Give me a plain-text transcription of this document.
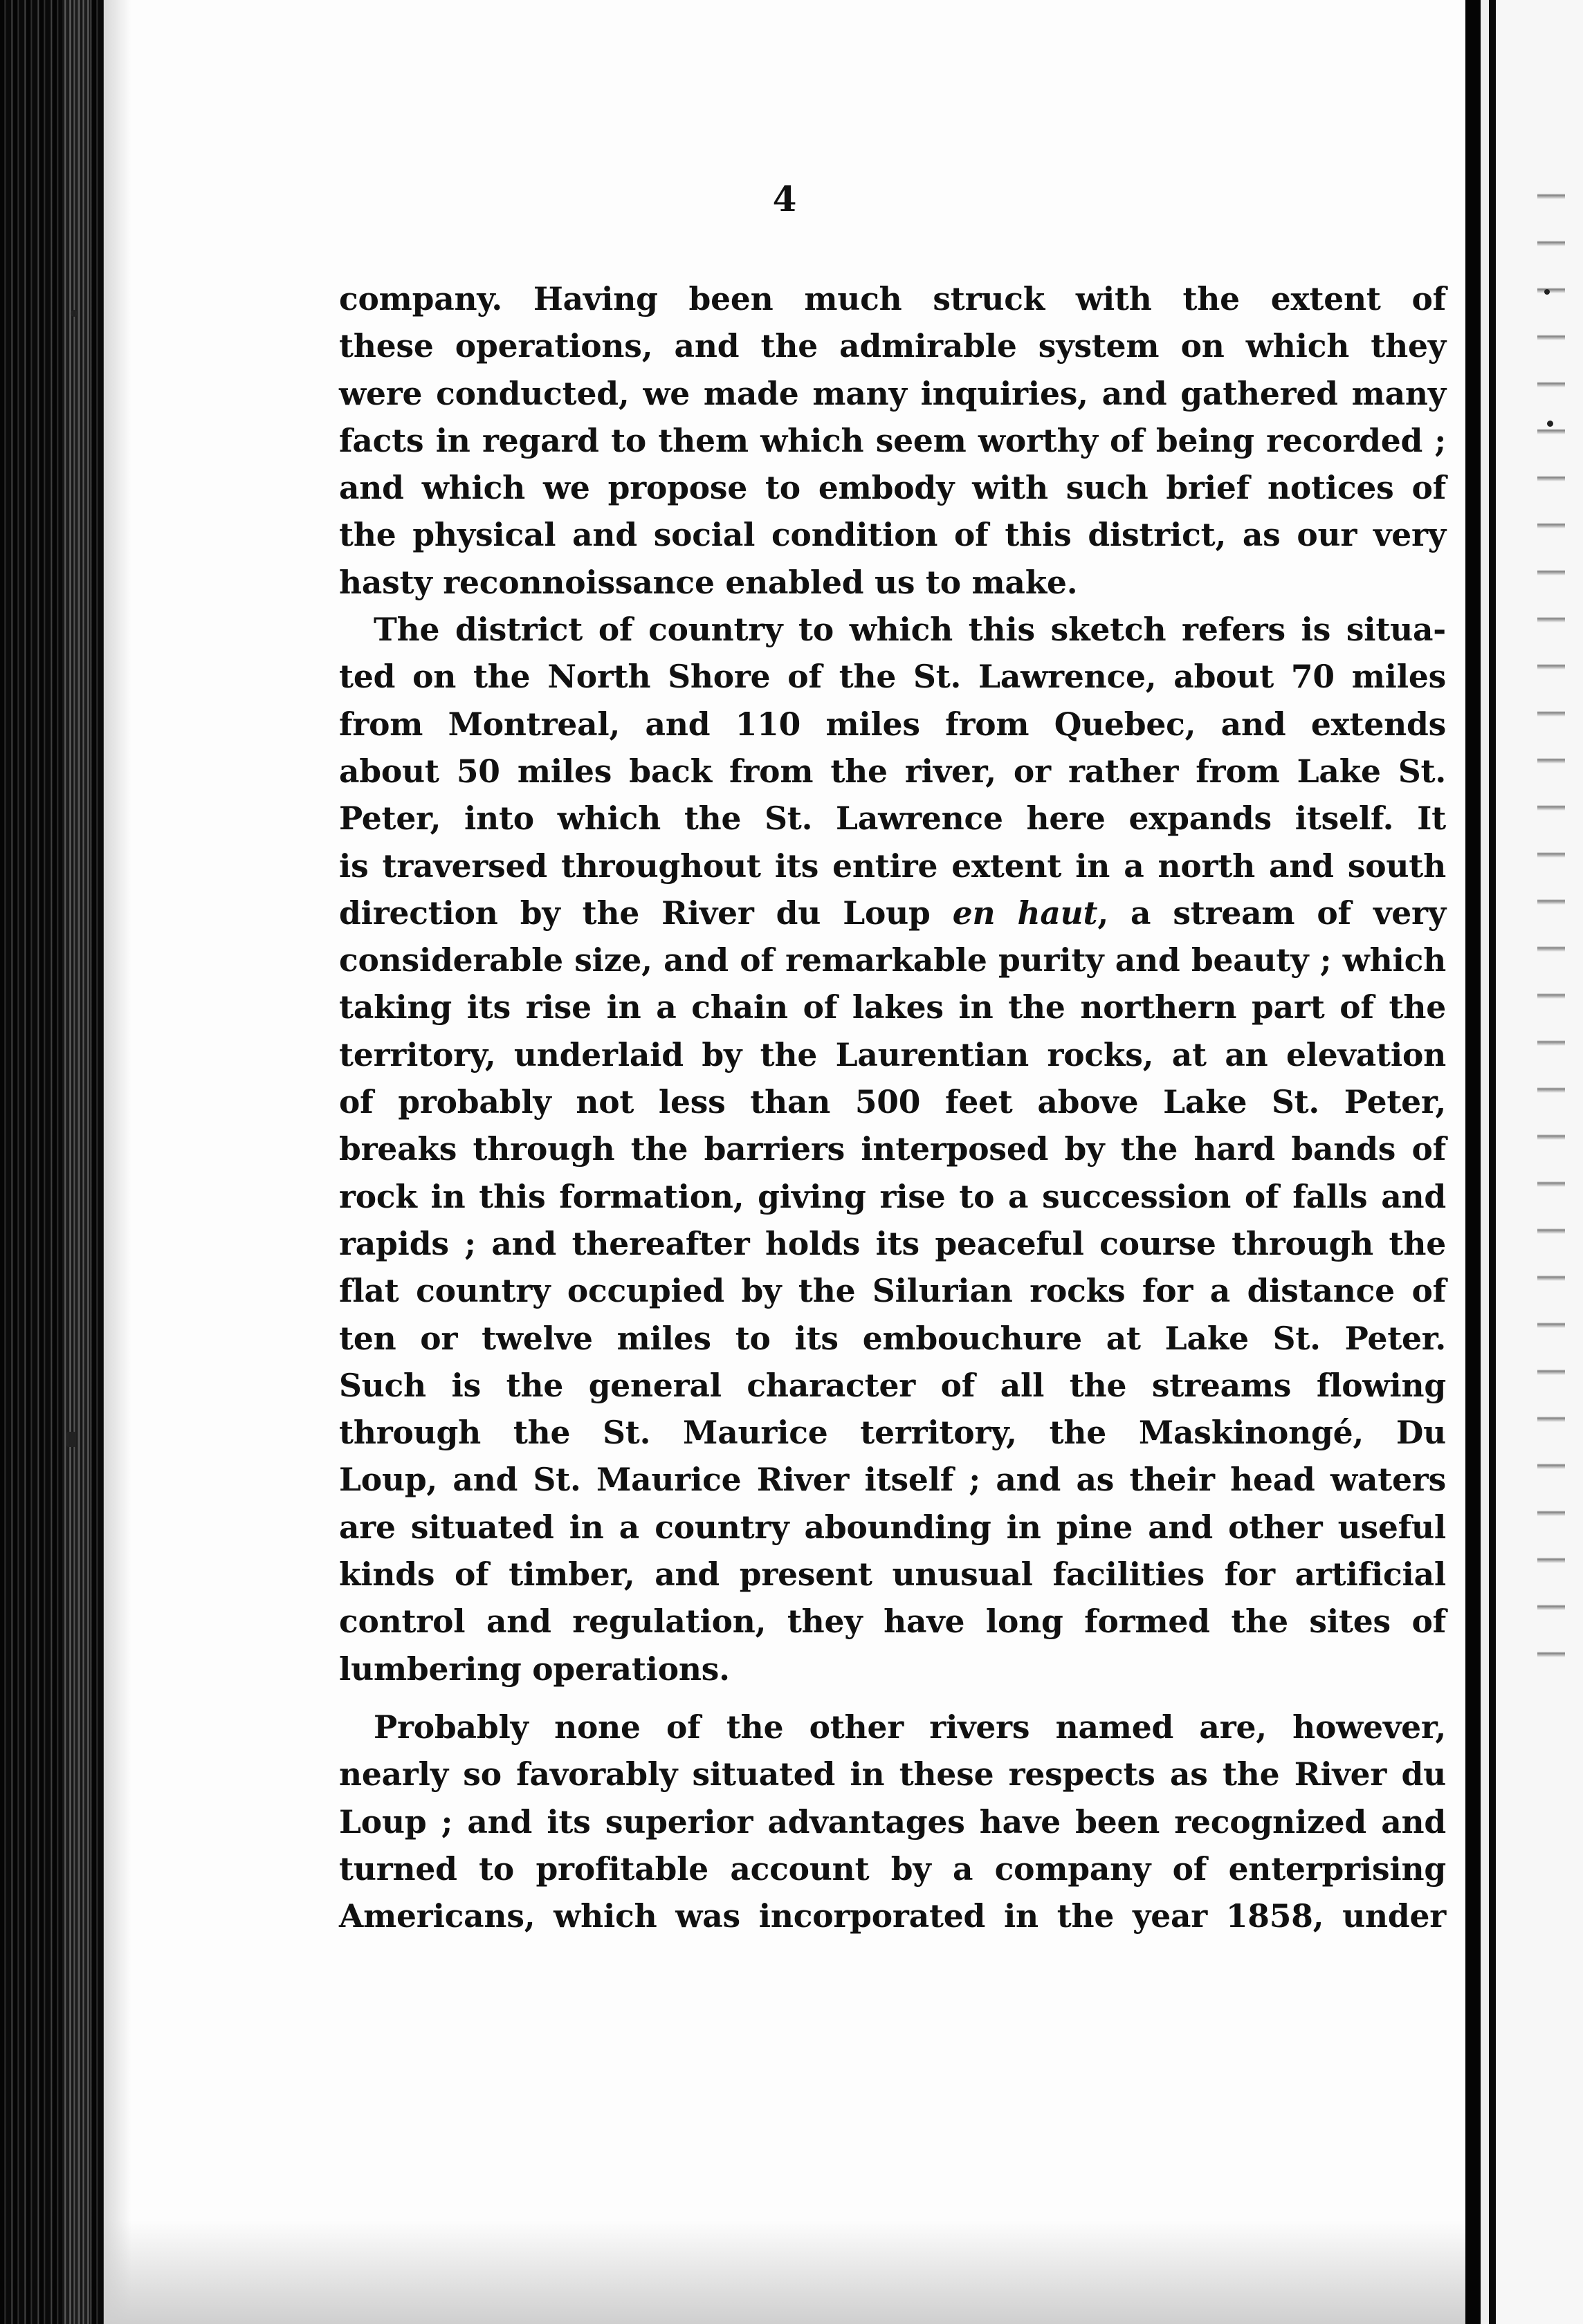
4

company. Having been much struck with the extent of
these operations, and the admirable system on which they
were conducted, we made many inquiries, and gathered many
facts in regard to them which seem worthy of being recorded ;
and which we propose to embody with such brief notices of
the physical and social condition of this district, as our very
hasty reconnoissance enabled us to make.

The district of country to which this sketch refers is situa-
ted on the North Shore of the St. Lawrence, about 70 miles
from Montreal, and 110 miles from Quebec, and extends
about 50 miles back from the river, or rather from Lake St.
Peter, into which the St. Lawrence here expands itself. It
is traversed throughout its entire extent in a north and south
direction by the River du Loup en haut, a stream of very
considerable size, and of remarkable purity and beauty ; which
taking its rise in a chain of lakes in the northern part of the
territory, underlaid by the Laurentian rocks, at an elevation
of probably not less than 500 feet above Lake St. Peter,
breaks through the barriers interposed by the hard bands of
rock in this formation, giving rise to a succession of falls and
rapids ; and thereafter holds its peaceful course through the
flat country occupied by the Silurian rocks for a distance of
ten or twelve miles to its embouchure at Lake St. Peter.
Such is the general character of all the streams flowing
through the St. Maurice territory, the Maskinongé, Du
Loup, and St. Maurice River itself ; and as their head waters
are situated in a country abounding in pine and other useful
kinds of timber, and present unusual facilities for artificial
control and regulation, they have long formed the sites of
lumbering operations.

Probably none of the other rivers named are, however,
nearly so favorably situated in these respects as the River du
Loup ; and its superior advantages have been recognized and
turned to profitable account by a company of enterprising
Americans, which was incorporated in the year 1858, under
